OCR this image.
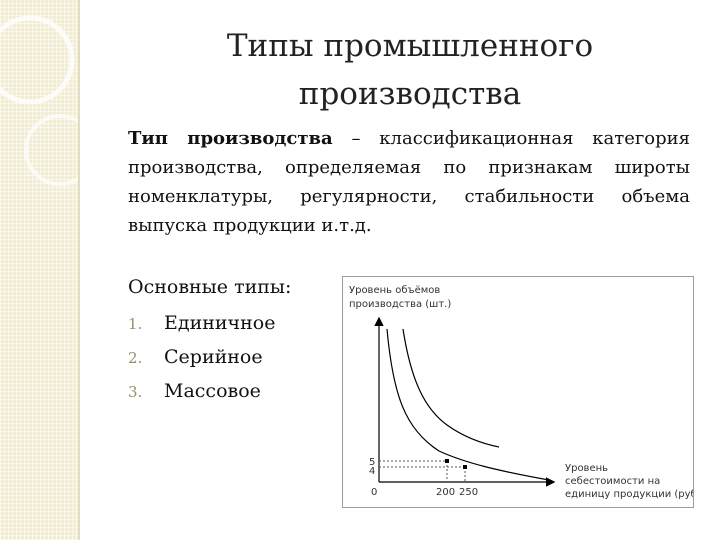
Типы промышленного
производства
Тип производства – классификационная категория производства, определяемая по признакам широты номенклатуры, регулярности, стабильности объема выпуска продукции и.т.д.
Основные типы:
1.	Единичное
2.	Серийное
3.	Массовое
Уровень объёмов
производства (шт.)
5
4
0	200 250
Уровень
себестоимости на
единицу продукции (руб.)
